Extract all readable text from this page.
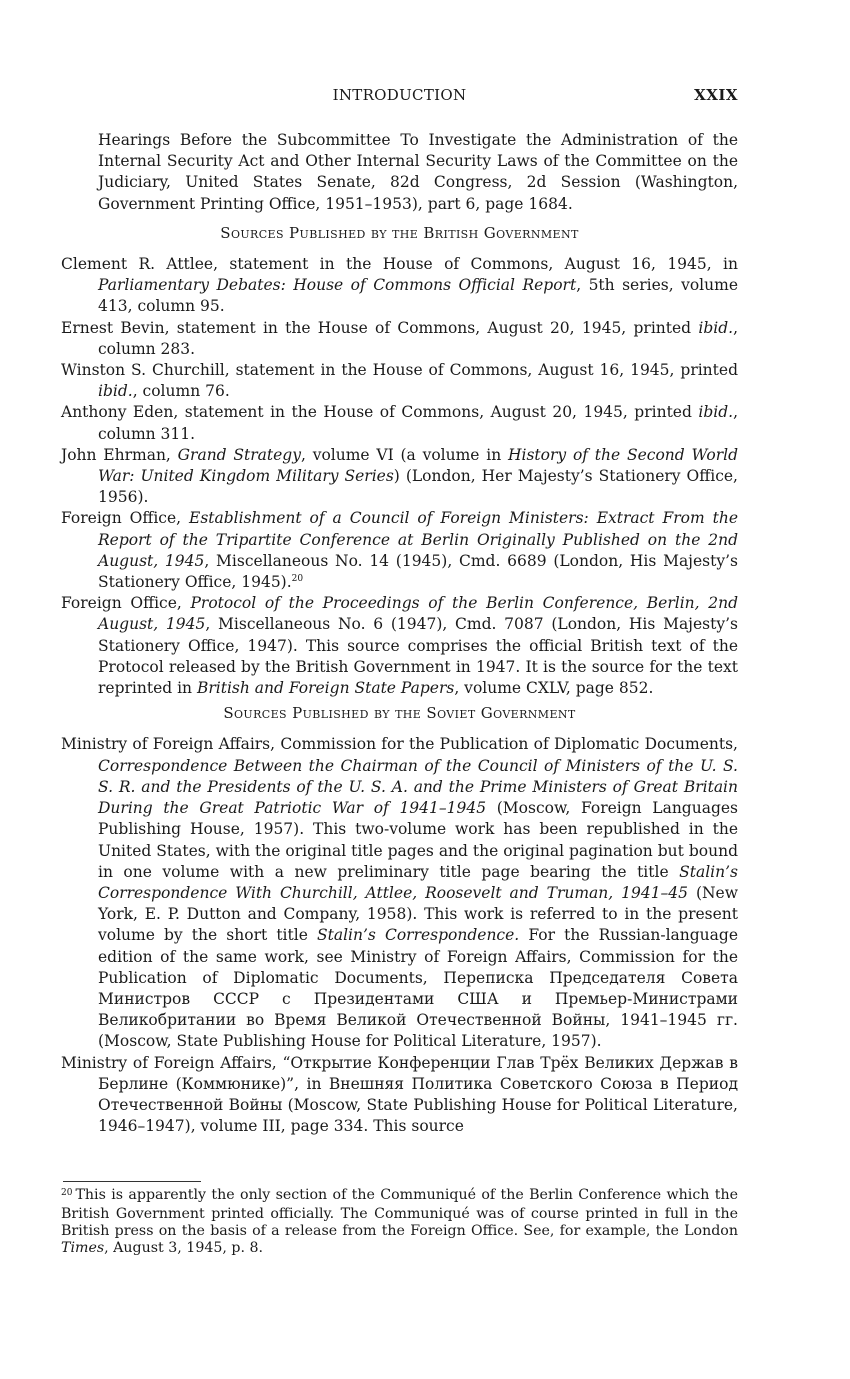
INTRODUCTION	XXIX

Hearings Before the Subcommittee To Investigate the Administration of the Internal Security Act and Other Internal Security Laws of the Committee on the Judiciary, United States Senate, 82d Congress, 2d Session (Washington, Government Printing Office, 1951–1953), part 6, page 1684.

Sources Published by the British Government

Clement R. Attlee, statement in the House of Commons, August 16, 1945, in Parliamentary Debates: House of Commons Official Report, 5th series, volume 413, column 95.

Ernest Bevin, statement in the House of Commons, August 20, 1945, printed ibid., column 283.

Winston S. Churchill, statement in the House of Commons, August 16, 1945, printed ibid., column 76.

Anthony Eden, statement in the House of Commons, August 20, 1945, printed ibid., column 311.

John Ehrman, Grand Strategy, volume VI (a volume in History of the Second World War: United Kingdom Military Series) (London, Her Majesty’s Stationery Office, 1956).

Foreign Office, Establishment of a Council of Foreign Ministers: Extract From the Report of the Tripartite Conference at Berlin Originally Published on the 2nd August, 1945, Miscellaneous No. 14 (1945), Cmd. 6689 (London, His Majesty’s Stationery Office, 1945).$^{20}$

Foreign Office, Protocol of the Proceedings of the Berlin Conference, Berlin, 2nd August, 1945, Miscellaneous No. 6 (1947), Cmd. 7087 (London, His Majesty’s Stationery Office, 1947). This source comprises the official British text of the Protocol released by the British Government in 1947. It is the source for the text reprinted in British and Foreign State Papers, volume CXLV, page 852.

Sources Published by the Soviet Government

Ministry of Foreign Affairs, Commission for the Publication of Diplomatic Documents, Correspondence Between the Chairman of the Council of Ministers of the U. S. S. R. and the Presidents of the U. S. A. and the Prime Ministers of Great Britain During the Great Patriotic War of 1941–1945 (Moscow, Foreign Languages Publishing House, 1957). This two-volume work has been republished in the United States, with the original title pages and the original pagination but bound in one volume with a new preliminary title page bearing the title Stalin’s Correspondence With Churchill, Attlee, Roosevelt and Truman, 1941–45 (New York, E. P. Dutton and Company, 1958). This work is referred to in the present volume by the short title Stalin’s Correspondence. For the Russian-language edition of the same work, see Ministry of Foreign Affairs, Commission for the Publication of Diplomatic Documents, Переписка Председателя Совета Министров СССР с Президентами США и Премьер-Министрами Великобритании во Время Великой Отечественной Войны, 1941–1945 гг. (Moscow, State Publishing House for Political Literature, 1957).

Ministry of Foreign Affairs, “Открытие Конференции Глав Трёх Великих Держав в Берлине (Коммюнике)”, in Внешняя Политика Советского Союза в Период Отечественной Войны (Moscow, State Publishing House for Political Literature, 1946–1947), volume III, page 334. This source

$^{20}$ This is apparently the only section of the Communiqué of the Berlin Conference which the British Government printed officially. The Communiqué was of course printed in full in the British press on the basis of a release from the Foreign Office. See, for example, the London Times, August 3, 1945, p. 8.
